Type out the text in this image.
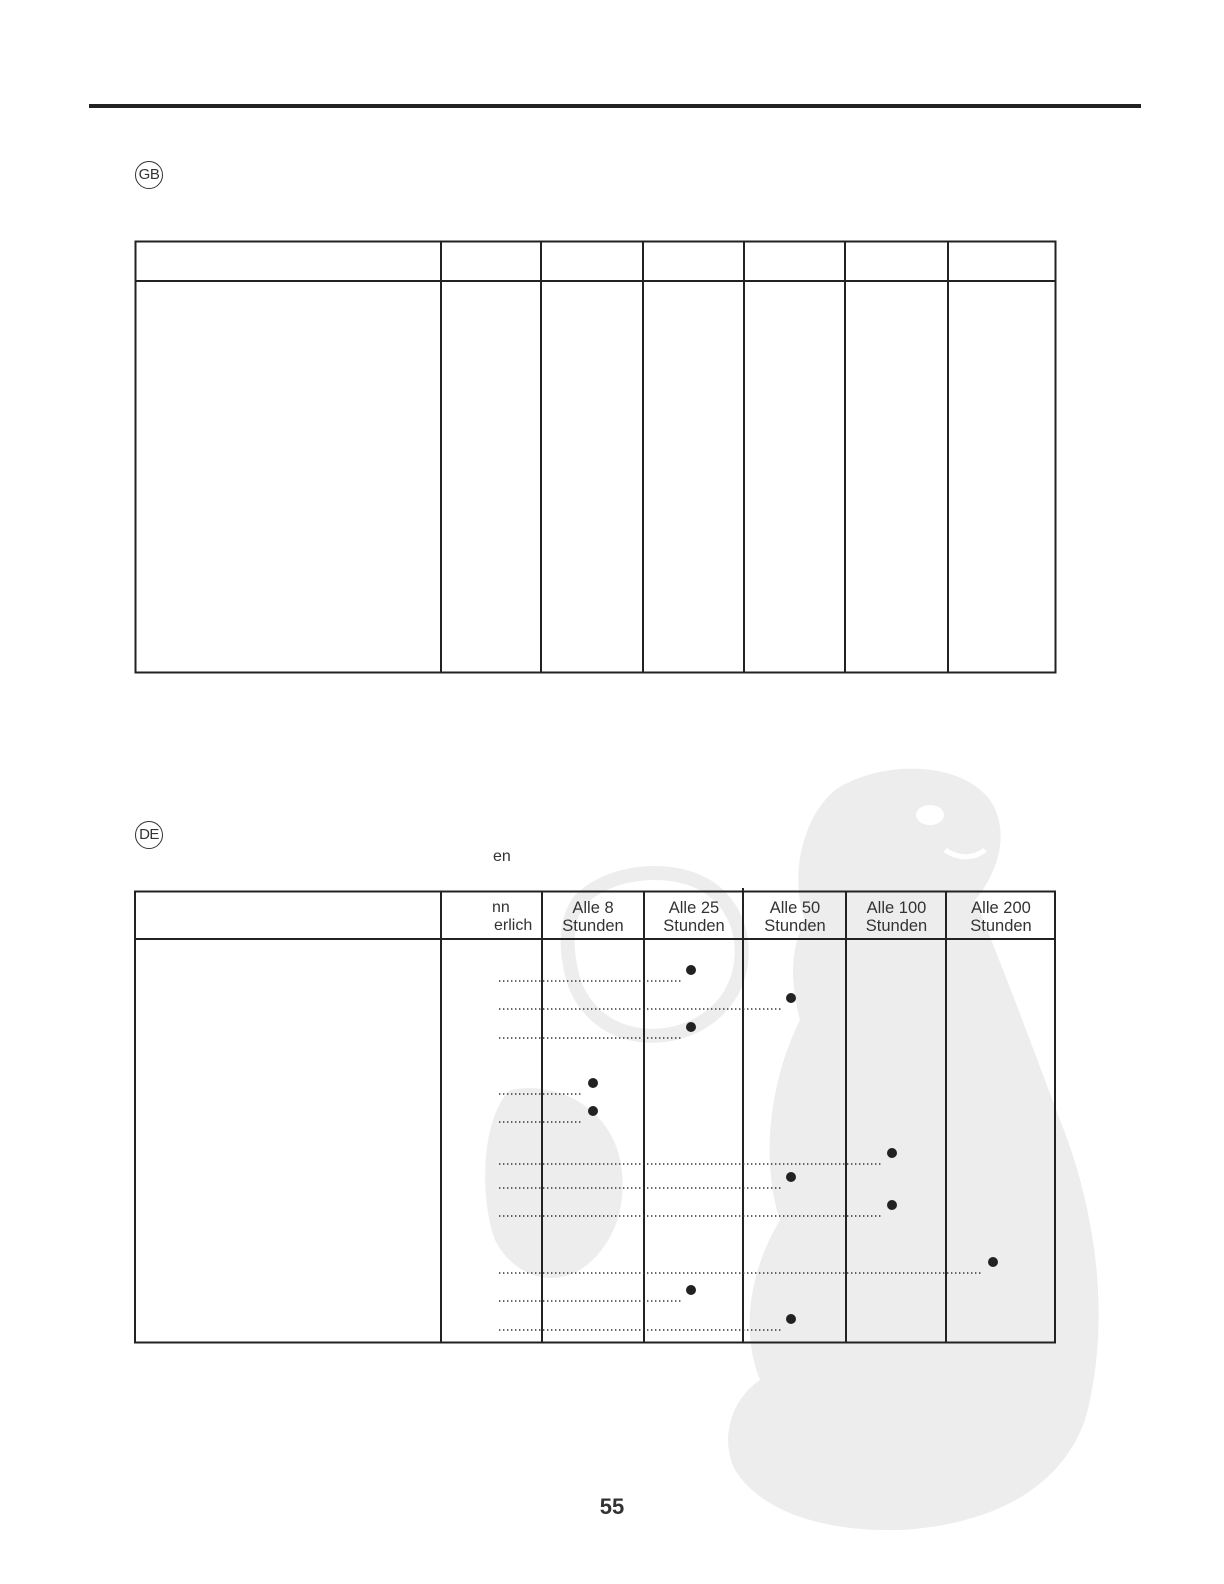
GB
DE
en
nn
erlich
Alle 8
Stunden
Alle 25
Stunden
Alle 50
Stunden
Alle 100
Stunden
Alle 200
Stunden
55
